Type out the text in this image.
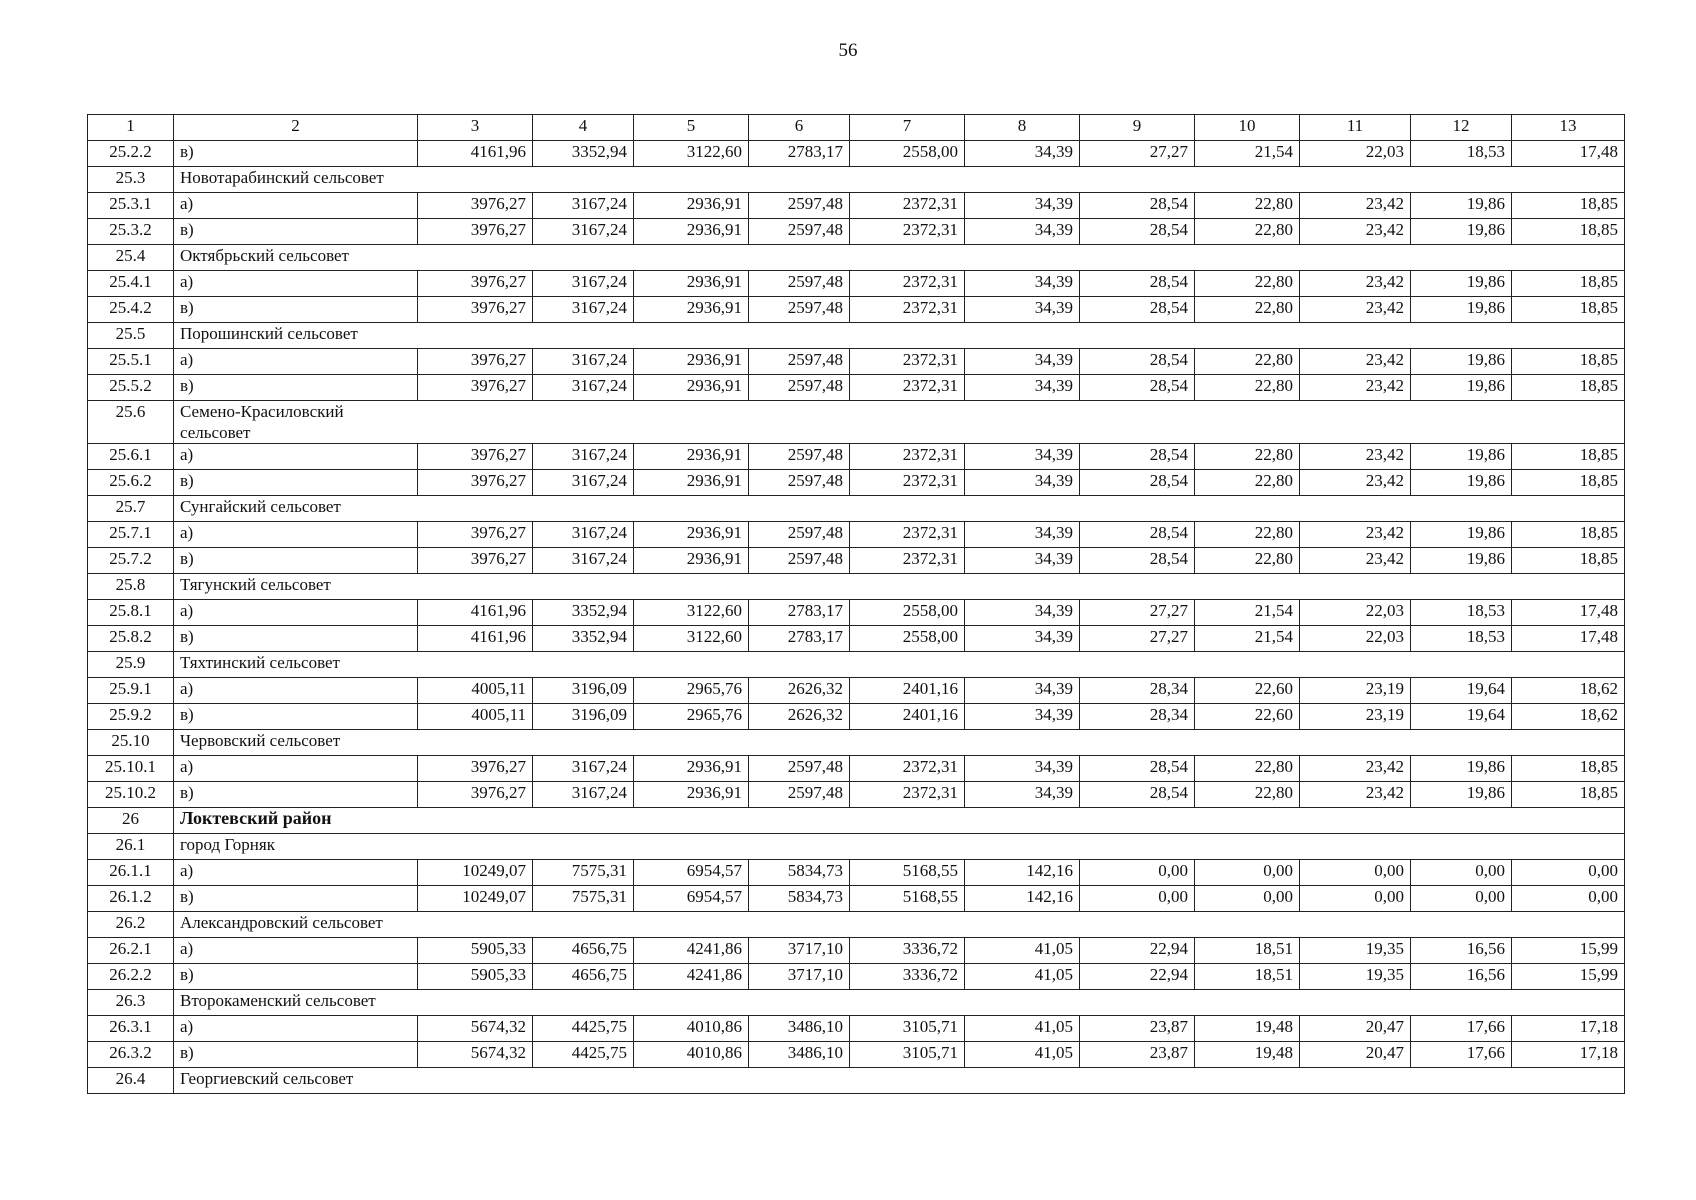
56
1	2	3	4	5	6	7	8	9	10	11	12	13
25.2.2	в)	4161,96	3352,94	3122,60	2783,17	2558,00	34,39	27,27	21,54	22,03	18,53	17,48
25.3	Новотарабинский сельсовет											
25.3.1	а)	3976,27	3167,24	2936,91	2597,48	2372,31	34,39	28,54	22,80	23,42	19,86	18,85
25.3.2	в)	3976,27	3167,24	2936,91	2597,48	2372,31	34,39	28,54	22,80	23,42	19,86	18,85
25.4	Октябрьский сельсовет											
25.4.1	а)	3976,27	3167,24	2936,91	2597,48	2372,31	34,39	28,54	22,80	23,42	19,86	18,85
25.4.2	в)	3976,27	3167,24	2936,91	2597,48	2372,31	34,39	28,54	22,80	23,42	19,86	18,85
25.5	Порошинский сельсовет											
25.5.1	а)	3976,27	3167,24	2936,91	2597,48	2372,31	34,39	28,54	22,80	23,42	19,86	18,85
25.5.2	в)	3976,27	3167,24	2936,91	2597,48	2372,31	34,39	28,54	22,80	23,42	19,86	18,85
25.6	Семено-Красиловский
сельсовет											
25.6.1	а)	3976,27	3167,24	2936,91	2597,48	2372,31	34,39	28,54	22,80	23,42	19,86	18,85
25.6.2	в)	3976,27	3167,24	2936,91	2597,48	2372,31	34,39	28,54	22,80	23,42	19,86	18,85
25.7	Сунгайский сельсовет											
25.7.1	а)	3976,27	3167,24	2936,91	2597,48	2372,31	34,39	28,54	22,80	23,42	19,86	18,85
25.7.2	в)	3976,27	3167,24	2936,91	2597,48	2372,31	34,39	28,54	22,80	23,42	19,86	18,85
25.8	Тягунский сельсовет											
25.8.1	а)	4161,96	3352,94	3122,60	2783,17	2558,00	34,39	27,27	21,54	22,03	18,53	17,48
25.8.2	в)	4161,96	3352,94	3122,60	2783,17	2558,00	34,39	27,27	21,54	22,03	18,53	17,48
25.9	Тяхтинский сельсовет											
25.9.1	а)	4005,11	3196,09	2965,76	2626,32	2401,16	34,39	28,34	22,60	23,19	19,64	18,62
25.9.2	в)	4005,11	3196,09	2965,76	2626,32	2401,16	34,39	28,34	22,60	23,19	19,64	18,62
25.10	Червовский сельсовет											
25.10.1	а)	3976,27	3167,24	2936,91	2597,48	2372,31	34,39	28,54	22,80	23,42	19,86	18,85
25.10.2	в)	3976,27	3167,24	2936,91	2597,48	2372,31	34,39	28,54	22,80	23,42	19,86	18,85
26	Локтевский район											
26.1	город Горняк											
26.1.1	а)	10249,07	7575,31	6954,57	5834,73	5168,55	142,16	0,00	0,00	0,00	0,00	0,00
26.1.2	в)	10249,07	7575,31	6954,57	5834,73	5168,55	142,16	0,00	0,00	0,00	0,00	0,00
26.2	Александровский сельсовет											
26.2.1	а)	5905,33	4656,75	4241,86	3717,10	3336,72	41,05	22,94	18,51	19,35	16,56	15,99
26.2.2	в)	5905,33	4656,75	4241,86	3717,10	3336,72	41,05	22,94	18,51	19,35	16,56	15,99
26.3	Второкаменский сельсовет											
26.3.1	а)	5674,32	4425,75	4010,86	3486,10	3105,71	41,05	23,87	19,48	20,47	17,66	17,18
26.3.2	в)	5674,32	4425,75	4010,86	3486,10	3105,71	41,05	23,87	19,48	20,47	17,66	17,18
26.4	Георгиевский сельсовет											
